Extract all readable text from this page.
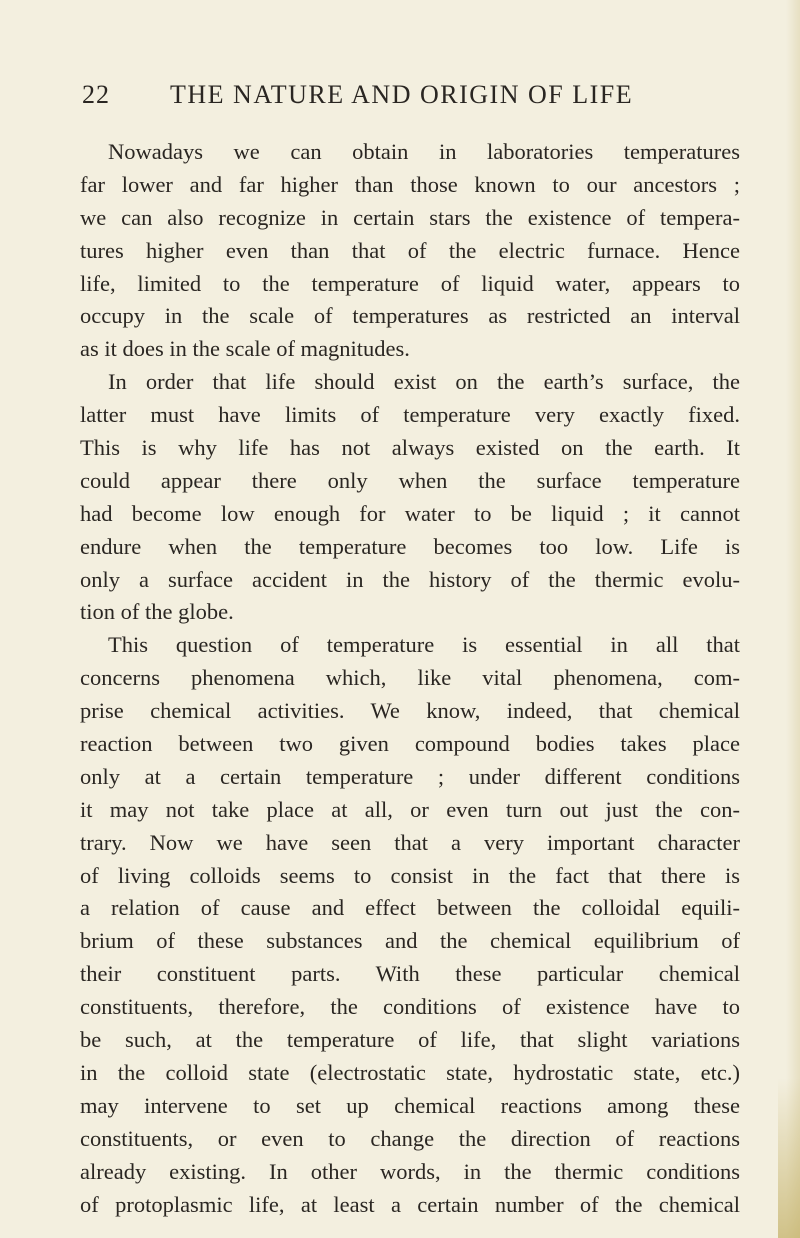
22 THE NATURE AND ORIGIN OF LIFE
Nowadays we can obtain in laboratories temperatures
far lower and far higher than those known to our ancestors ;
we can also recognize in certain stars the existence of tempera-
tures higher even than that of the electric furnace. Hence
life, limited to the temperature of liquid water, appears to
occupy in the scale of temperatures as restricted an interval
as it does in the scale of magnitudes.
In order that life should exist on the earth’s surface, the
latter must have limits of temperature very exactly fixed.
This is why life has not always existed on the earth. It
could appear there only when the surface temperature
had become low enough for water to be liquid ; it cannot
endure when the temperature becomes too low. Life is
only a surface accident in the history of the thermic evolu-
tion of the globe.
This question of temperature is essential in all that
concerns phenomena which, like vital phenomena, com-
prise chemical activities. We know, indeed, that chemical
reaction between two given compound bodies takes place
only at a certain temperature ; under different conditions
it may not take place at all, or even turn out just the con-
trary. Now we have seen that a very important character
of living colloids seems to consist in the fact that there is
a relation of cause and effect between the colloidal equili-
brium of these substances and the chemical equilibrium of
their constituent parts. With these particular chemical
constituents, therefore, the conditions of existence have to
be such, at the temperature of life, that slight variations
in the colloid state (electrostatic state, hydrostatic state, etc.)
may intervene to set up chemical reactions among these
constituents, or even to change the direction of reactions
already existing. In other words, in the thermic conditions
of protoplasmic life, at least a certain number of the chemical
